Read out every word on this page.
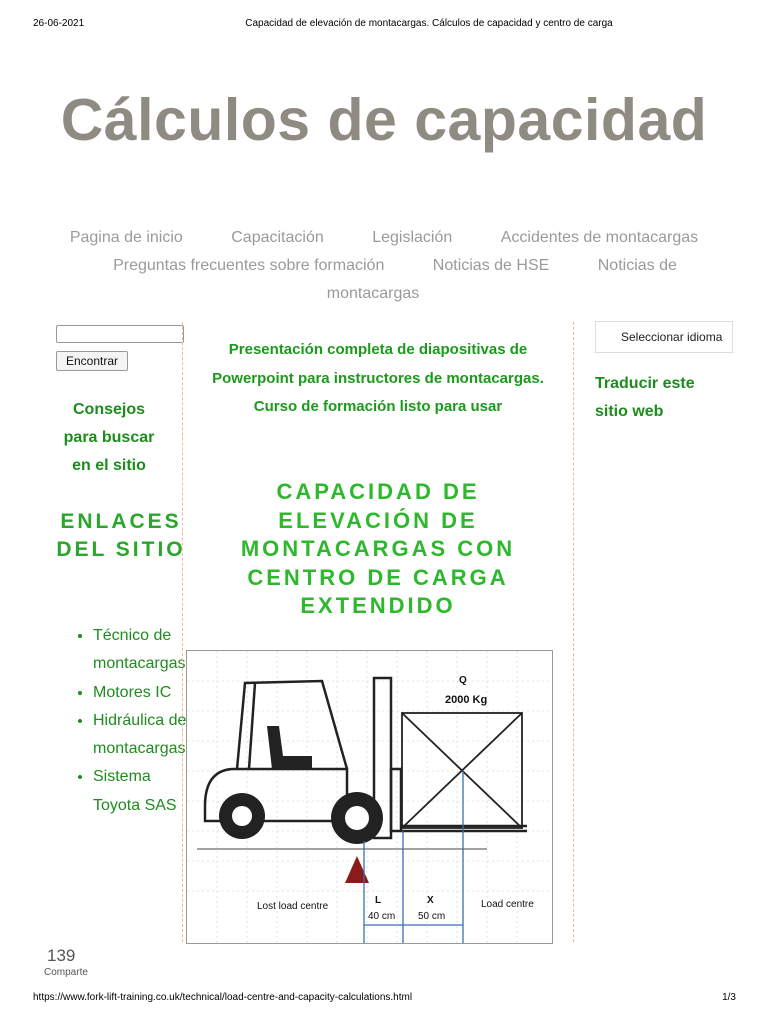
26-06-2021	Capacidad de elevación de montacargas. Cálculos de capacidad y centro de carga
Cálculos de capacidad
Pagina de inicio	Capacitación	Legislación	Accidentes de montacargas Preguntas frecuentes sobre formación	Noticias de HSE	Noticias de montacargas
Encontrar
Consejos para buscar en el sitio
ENLACES DEL SITIO
• Técnico de montacargas
• Motores IC
• Hidráulica de montacargas
• Sistema Toyota SAS
Presentación completa de diapositivas de Powerpoint para instructores de montacargas. Curso de formación listo para usar
CAPACIDAD DE ELEVACIÓN DE MONTACARGAS CON CENTRO DE CARGA EXTENDIDO
Q
2000 Kg
Lost load centre	Load centre
L	X
40 cm 50 cm
Seleccionar idioma
Traducir este sitio web
139
Comparte
https://www.fork-lift-training.co.uk/technical/load-centre-and-capacity-calculations.html	1/3
